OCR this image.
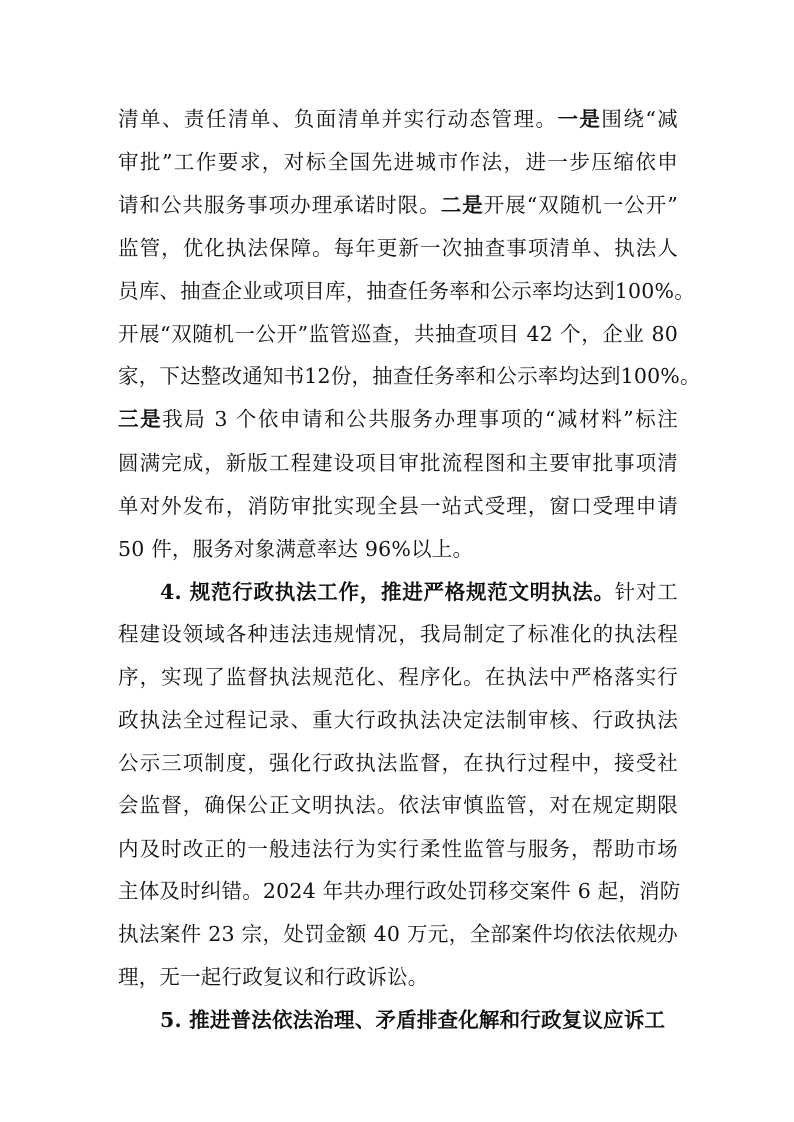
清单、责任清单、负面清单并实行动态管理。一是围绕“减
审批”工作要求，对标全国先进城市作法，进一步压缩依申
请和公共服务事项办理承诺时限。二是开展“双随机一公开”
监管，优化执法保障。每年更新一次抽查事项清单、执法人
员库、抽查企业或项目库，抽查任务率和公示率均达到100%。
开展“双随机一公开”监管巡查，共抽查项目 42 个，企业 80
家，下达整改通知书12份，抽查任务率和公示率均达到100%。
三是我局 3 个依申请和公共服务办理事项的“减材料”标注
圆满完成，新版工程建设项目审批流程图和主要审批事项清
单对外发布，消防审批实现全县一站式受理，窗口受理申请
50 件，服务对象满意率达 96%以上。
4. 规范行政执法工作，推进严格规范文明执法。针对工
程建设领域各种违法违规情况，我局制定了标准化的执法程
序，实现了监督执法规范化、程序化。在执法中严格落实行
政执法全过程记录、重大行政执法决定法制审核、行政执法
公示三项制度，强化行政执法监督，在执行过程中，接受社
会监督，确保公正文明执法。依法审慎监管，对在规定期限
内及时改正的一般违法行为实行柔性监管与服务，帮助市场
主体及时纠错。2024 年共办理行政处罚移交案件 6 起，消防
执法案件 23 宗，处罚金额 40 万元，全部案件均依法依规办
理，无一起行政复议和行政诉讼。
5. 推进普法依法治理、矛盾排查化解和行政复议应诉工
